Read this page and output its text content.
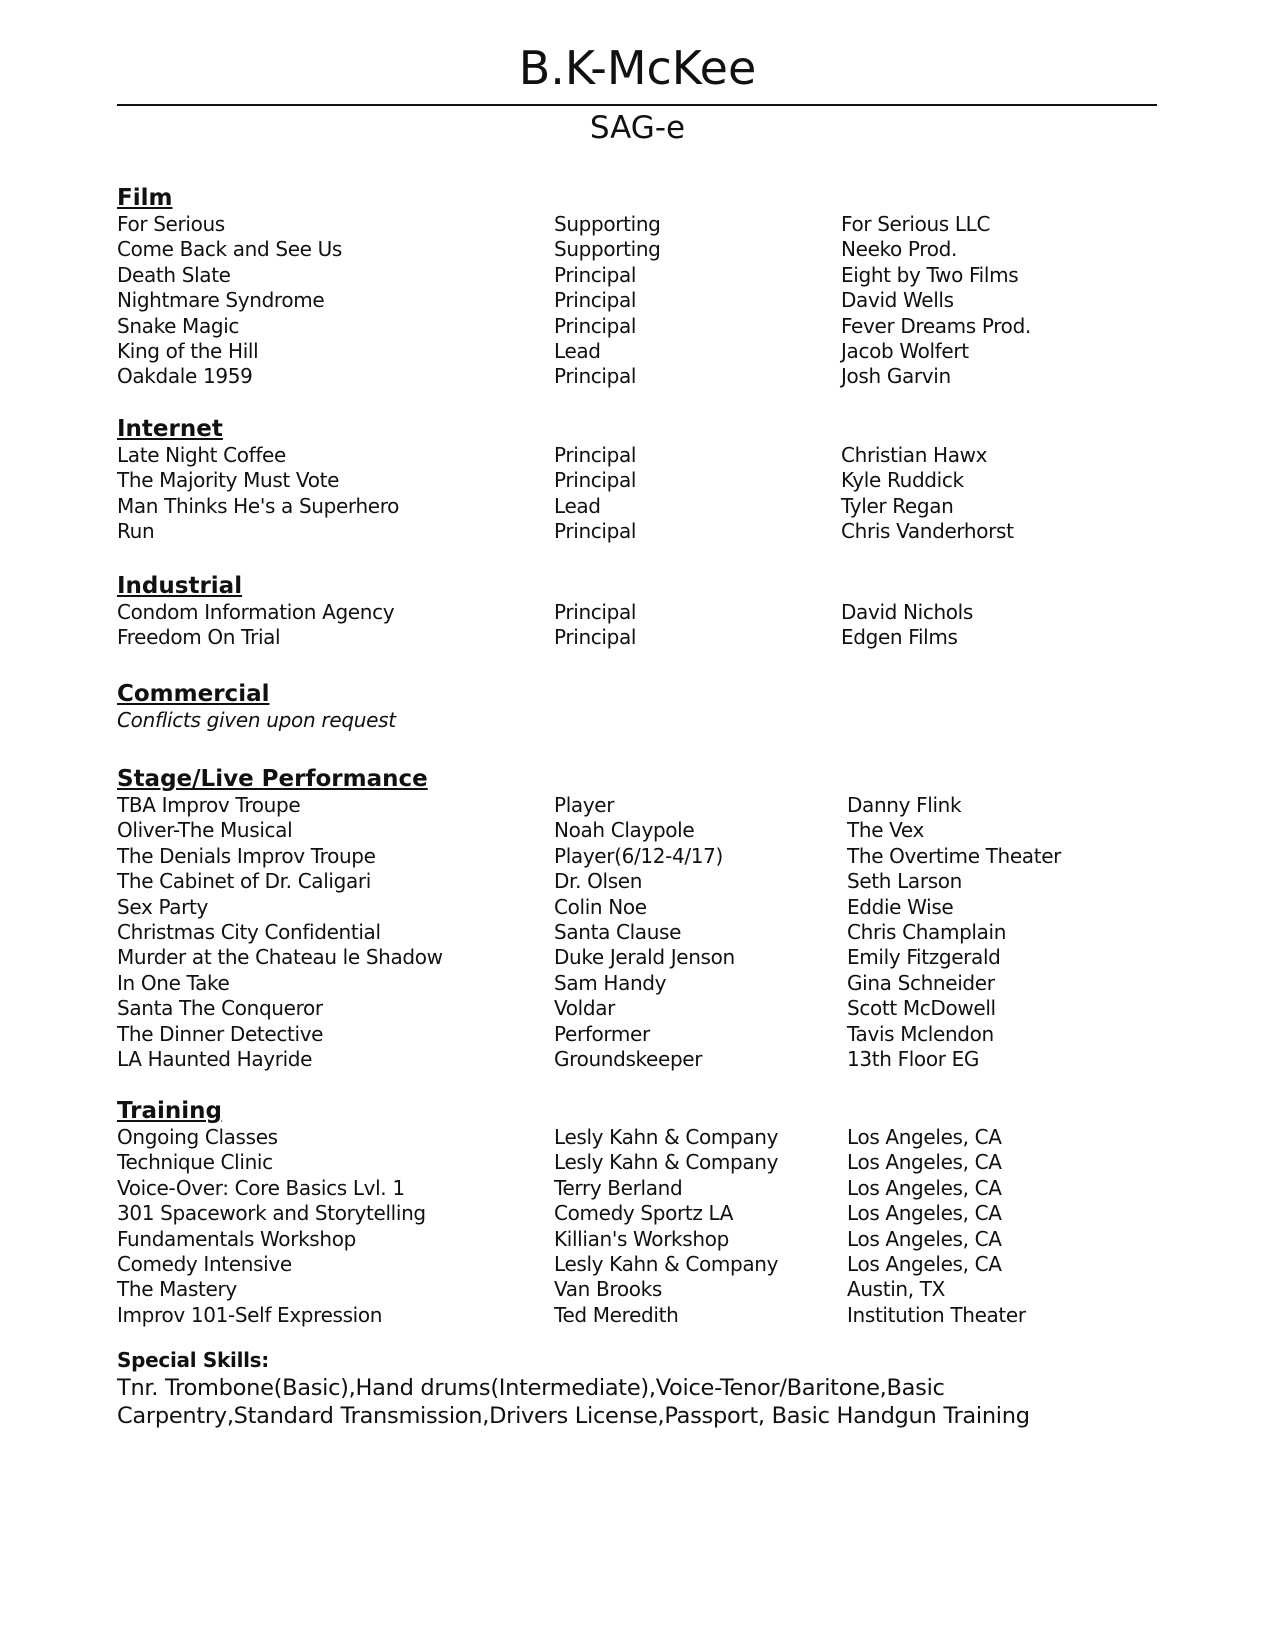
B.K-McKee
SAG-e
Film
For Serious	Supporting	For Serious LLC
Come Back and See Us	Supporting	Neeko Prod.
Death Slate	Principal	Eight by Two Films
Nightmare Syndrome	Principal	David Wells
Snake Magic	Principal	Fever Dreams Prod.
King of the Hill	Lead	Jacob Wolfert
Oakdale 1959	Principal	Josh Garvin
Internet
Late Night Coffee	Principal	Christian Hawx
The Majority Must Vote	Principal	Kyle Ruddick
Man Thinks He's a Superhero	Lead	Tyler Regan
Run	Principal	Chris Vanderhorst
Industrial
Condom Information Agency	Principal	David Nichols
Freedom On Trial	Principal	Edgen Films
Commercial
Conflicts given upon request
Stage/Live Performance
TBA Improv Troupe	Player	Danny Flink
Oliver-The Musical	Noah Claypole	The Vex
The Denials Improv Troupe	Player(6/12-4/17)	The Overtime Theater
The Cabinet of Dr. Caligari	Dr. Olsen	Seth Larson
Sex Party	Colin Noe	Eddie Wise
Christmas City Confidential	Santa Clause	Chris Champlain
Murder at the Chateau le Shadow	Duke Jerald Jenson	Emily Fitzgerald
In One Take	Sam Handy	Gina Schneider
Santa The Conqueror	Voldar	Scott McDowell
The Dinner Detective	Performer	Tavis Mclendon
LA Haunted Hayride	Groundskeeper	13th Floor EG
Training
Ongoing Classes	Lesly Kahn & Company	Los Angeles, CA
Technique Clinic	Lesly Kahn & Company	Los Angeles, CA
Voice-Over: Core Basics Lvl. 1	Terry Berland	Los Angeles, CA
301 Spacework and Storytelling	Comedy Sportz LA	Los Angeles, CA
Fundamentals Workshop	Killian's Workshop	Los Angeles, CA
Comedy Intensive	Lesly Kahn & Company	Los Angeles, CA
The Mastery	Van Brooks	Austin, TX
Improv 101-Self Expression	Ted Meredith	Institution Theater
Special Skills:
Tnr. Trombone(Basic),Hand drums(Intermediate),Voice-Tenor/Baritone,Basic Carpentry,Standard Transmission,Drivers License,Passport, Basic Handgun Training
